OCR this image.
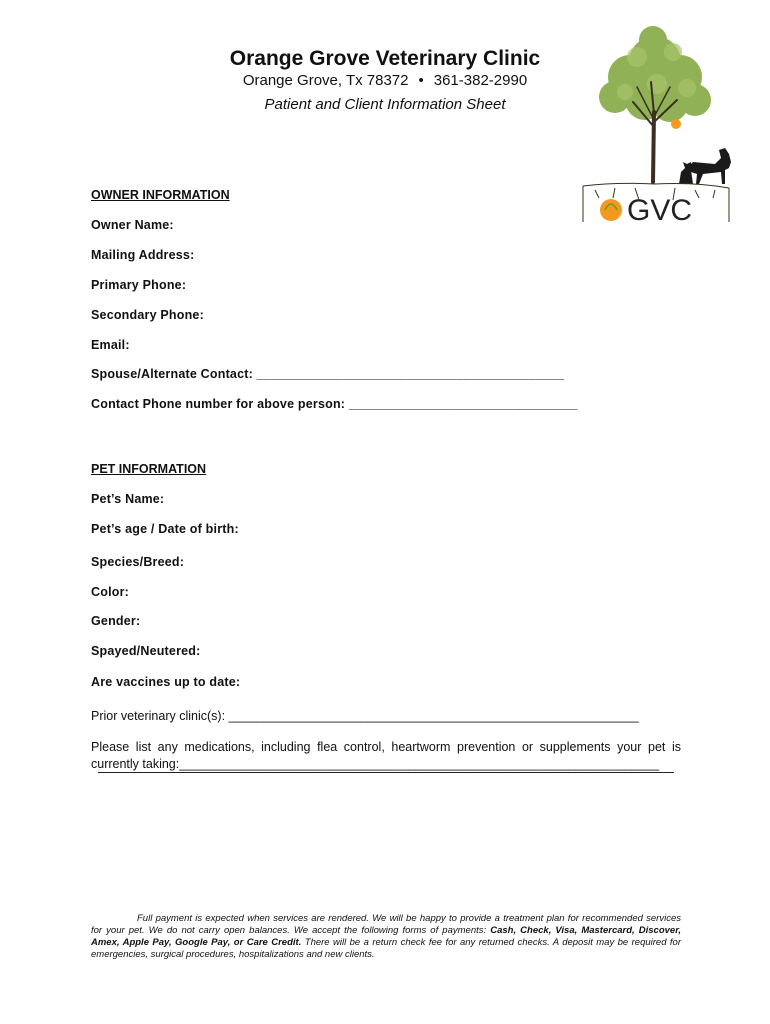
Orange Grove Veterinary Clinic
Orange Grove, Tx 78372 • 361-382-2990
Patient and Client Information Sheet
GVC
OWNER INFORMATION
Owner Name:
Mailing Address:
Primary Phone:
Secondary Phone:
Email:
Spouse/Alternate Contact: ___________________________________________
Contact Phone number for above person: ________________________________
PET INFORMATION
Pet’s Name:
Pet’s age / Date of birth:
Species/Breed:
Color:
Gender:
Spayed/Neutered:
Are vaccines up to date:
Prior veterinary clinic(s): ___________________________________________________________
Please list any medications, including flea control, heartworm prevention or supplements your pet is currently taking:_____________________________________________________________________
Full payment is expected when services are rendered. We will be happy to provide a treatment plan for recommended services for your pet. We do not carry open balances. We accept the following forms of payments: Cash, Check, Visa, Mastercard, Discover, Amex, Apple Pay, Google Pay, or Care Credit. There will be a return check fee for any returned checks. A deposit may be required for emergencies, surgical procedures, hospitalizations and new clients.
